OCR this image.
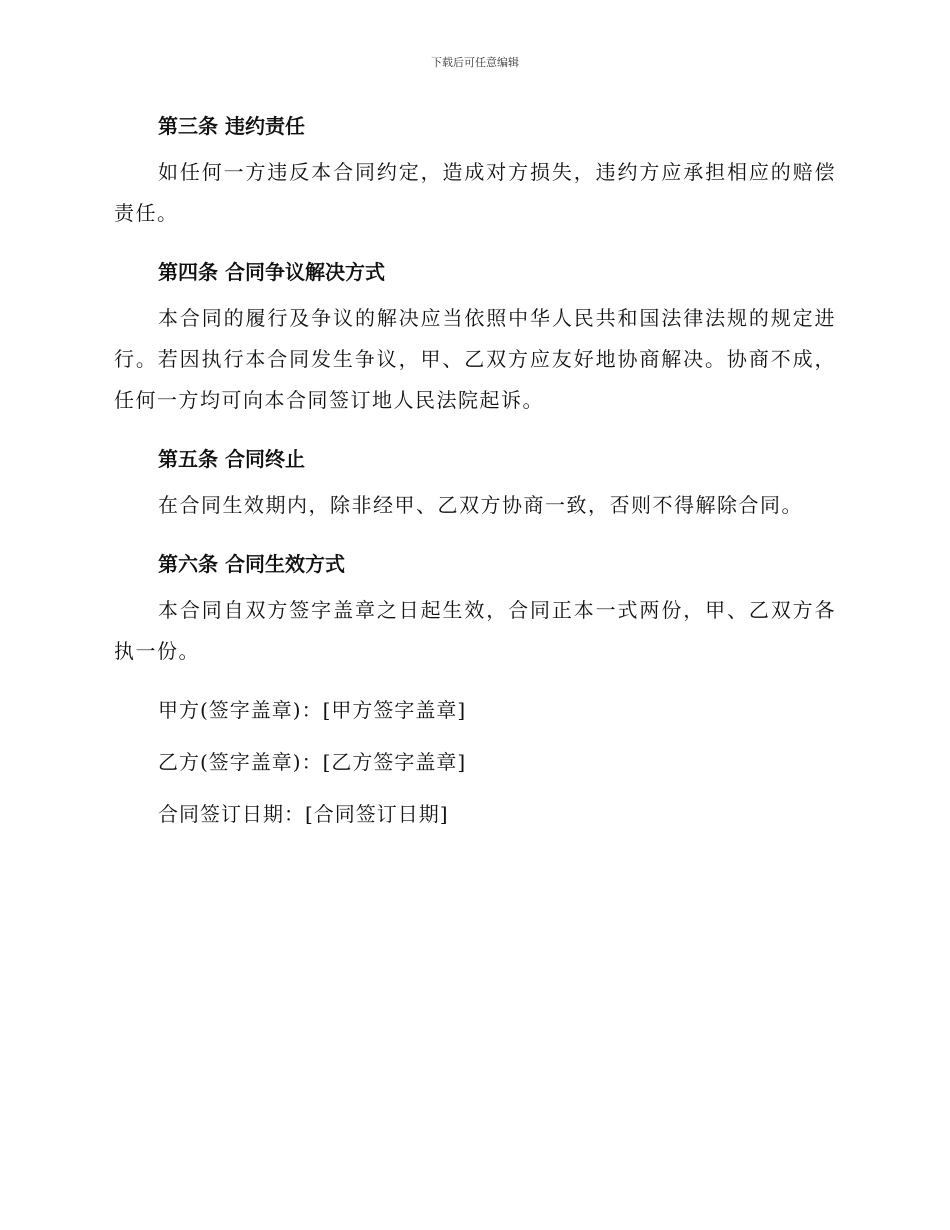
下载后可任意编辑
第三条 违约责任

如任何一方违反本合同约定，造成对方损失，违约方应承担相应的赔偿责任。

第四条 合同争议解决方式

本合同的履行及争议的解决应当依照中华人民共和国法律法规的规定进行。若因执行本合同发生争议，甲、乙双方应友好地协商解决。协商不成，任何一方均可向本合同签订地人民法院起诉。

第五条 合同终止

在合同生效期内，除非经甲、乙双方协商一致，否则不得解除合同。

第六条 合同生效方式

本合同自双方签字盖章之日起生效，合同正本一式两份，甲、乙双方各执一份。

甲方(签字盖章)：[甲方签字盖章]

乙方(签字盖章)：[乙方签字盖章]

合同签订日期：[合同签订日期]
